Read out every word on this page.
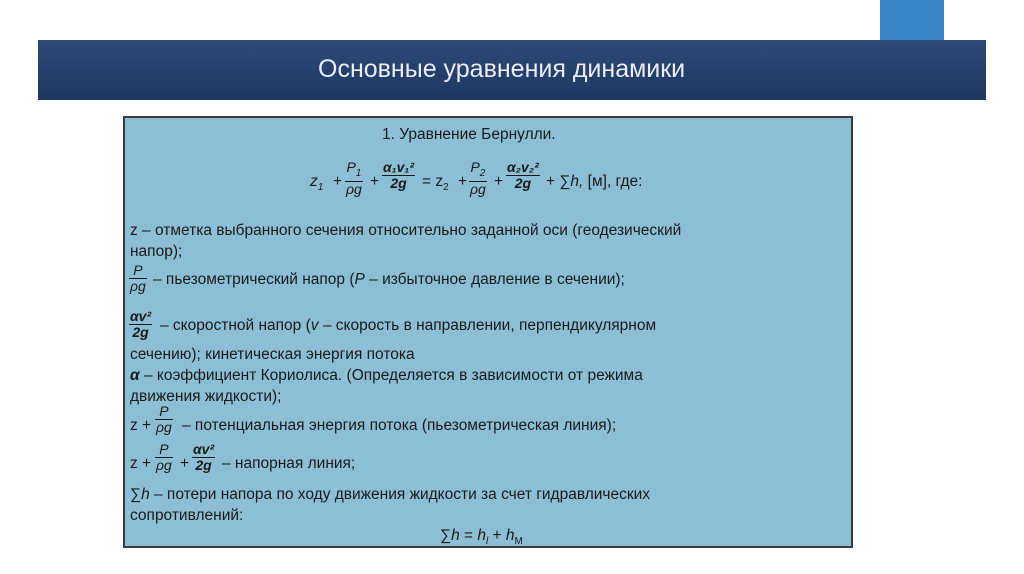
Основные уравнения динамики
1. Уравнение Бернулли.
$z_1 + \frac{P_1}{\rho g} + \frac{\text{α₁v₁²}}{2g} = z_2 + \frac{P_2}{\rho g} + \frac{\text{α₂v₂²}}{2g} + \sum h$, [м], где:
z – отметка выбранного сечения относительно заданной оси (геодезический
напор);
$\frac{P}{\rho g}$ – пьезометрический напор (P – избыточное давление в сечении);
$\frac{\text{αv²}}{2g}$ – скоростной напор (v – скорость в направлении, перпендикулярном
сечению); кинетическая энергия потока
α – коэффициент Кориолиса. (Определяется в зависимости от режима
движения жидкости);
$z + \frac{P}{\rho g}$ – потенциальная энергия потока (пьезометрическая линия);
$z + \frac{P}{\rho g} + \frac{\text{αv²}}{2g}$ – напорная линия;
∑h – потери напора по ходу движения жидкости за счет гидравлических
сопротивлений:
$\sum h = h_l + h_M$
